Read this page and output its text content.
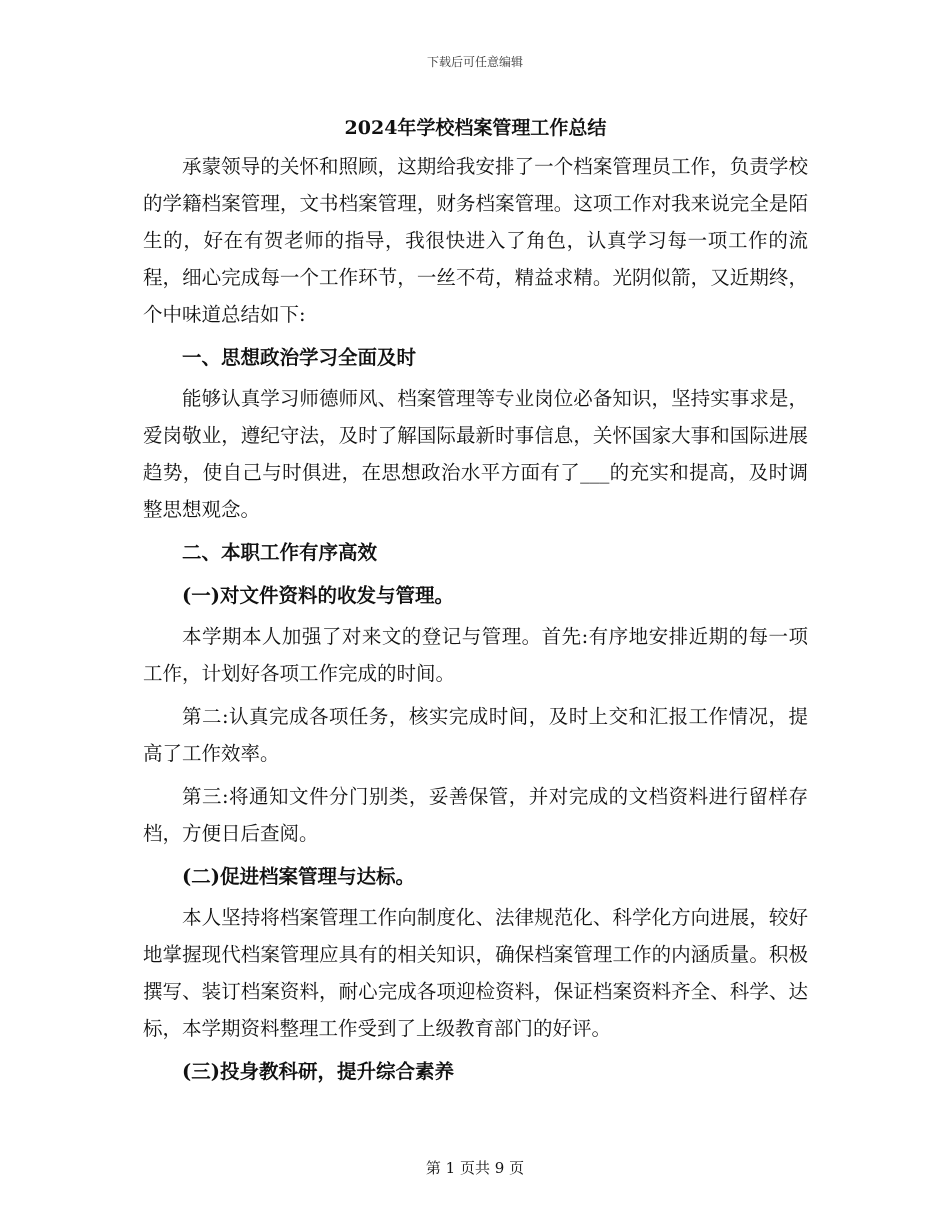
下载后可任意编辑
2024年学校档案管理工作总结

承蒙领导的关怀和照顾，这期给我安排了一个档案管理员工作，负责学校的学籍档案管理，文书档案管理，财务档案管理。这项工作对我来说完全是陌生的，好在有贺老师的指导，我很快进入了角色，认真学习每一项工作的流程，细心完成每一个工作环节，一丝不苟，精益求精。光阴似箭，又近期终，个中味道总结如下:

一、思想政治学习全面及时

能够认真学习师德师风、档案管理等专业岗位必备知识，坚持实事求是，爱岗敬业，遵纪守法，及时了解国际最新时事信息，关怀国家大事和国际进展趋势，使自己与时俱进，在思想政治水平方面有了___的充实和提高，及时调整思想观念。

二、本职工作有序高效

(一)对文件资料的收发与管理。

本学期本人加强了对来文的登记与管理。首先:有序地安排近期的每一项工作，计划好各项工作完成的时间。

第二:认真完成各项任务，核实完成时间，及时上交和汇报工作情况，提高了工作效率。

第三:将通知文件分门别类，妥善保管，并对完成的文档资料进行留样存档，方便日后查阅。

(二)促进档案管理与达标。

本人坚持将档案管理工作向制度化、法律规范化、科学化方向进展，较好地掌握现代档案管理应具有的相关知识，确保档案管理工作的内涵质量。积极撰写、装订档案资料，耐心完成各项迎检资料，保证档案资料齐全、科学、达标，本学期资料整理工作受到了上级教育部门的好评。

(三)投身教科研，提升综合素养

第 1 页共 9 页
